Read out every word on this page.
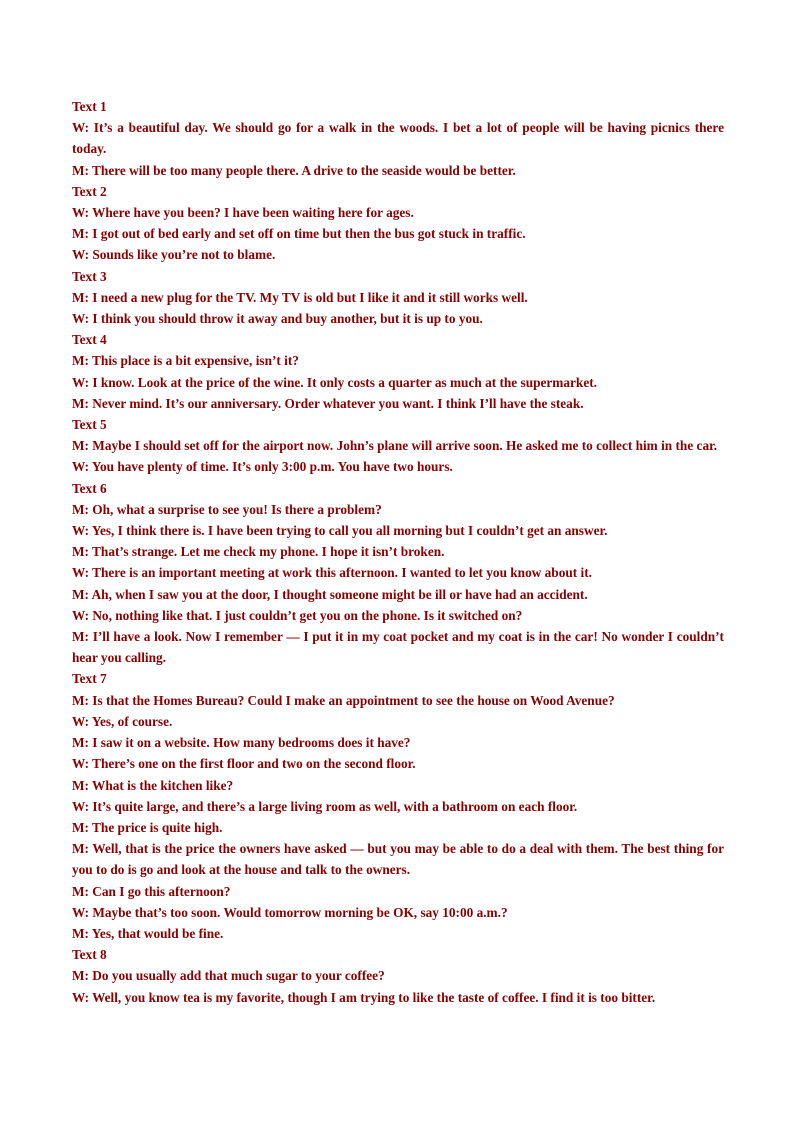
Text 1
W: It’s a beautiful day. We should go for a walk in the woods. I bet a lot of people will be having picnics there today.
M: There will be too many people there. A drive to the seaside would be better.
Text 2
W: Where have you been? I have been waiting here for ages.
M: I got out of bed early and set off on time but then the bus got stuck in traffic.
W: Sounds like you’re not to blame.
Text 3
M: I need a new plug for the TV. My TV is old but I like it and it still works well.
W: I think you should throw it away and buy another, but it is up to you.
Text 4
M: This place is a bit expensive, isn’t it?
W: I know. Look at the price of the wine. It only costs a quarter as much at the supermarket.
M: Never mind. It’s our anniversary. Order whatever you want. I think I’ll have the steak.
Text 5
M: Maybe I should set off for the airport now. John’s plane will arrive soon. He asked me to collect him in the car.
W: You have plenty of time. It’s only 3:00 p.m. You have two hours.
Text 6
M: Oh, what a surprise to see you! Is there a problem?
W: Yes, I think there is. I have been trying to call you all morning but I couldn’t get an answer.
M: That’s strange. Let me check my phone. I hope it isn’t broken.
W: There is an important meeting at work this afternoon. I wanted to let you know about it.
M: Ah, when I saw you at the door, I thought someone might be ill or have had an accident.
W: No, nothing like that. I just couldn’t get you on the phone. Is it switched on?
M: I’ll have a look. Now I remember — I put it in my coat pocket and my coat is in the car! No wonder I couldn’t hear you calling.
Text 7
M: Is that the Homes Bureau? Could I make an appointment to see the house on Wood Avenue?
W: Yes, of course.
M: I saw it on a website. How many bedrooms does it have?
W: There’s one on the first floor and two on the second floor.
M: What is the kitchen like?
W: It’s quite large, and there’s a large living room as well, with a bathroom on each floor.
M: The price is quite high.
M: Well, that is the price the owners have asked — but you may be able to do a deal with them. The best thing for you to do is go and look at the house and talk to the owners.
M: Can I go this afternoon?
W: Maybe that’s too soon. Would tomorrow morning be OK, say 10:00 a.m.?
M: Yes, that would be fine.
Text 8
M: Do you usually add that much sugar to your coffee?
W: Well, you know tea is my favorite, though I am trying to like the taste of coffee. I find it is too bitter.
